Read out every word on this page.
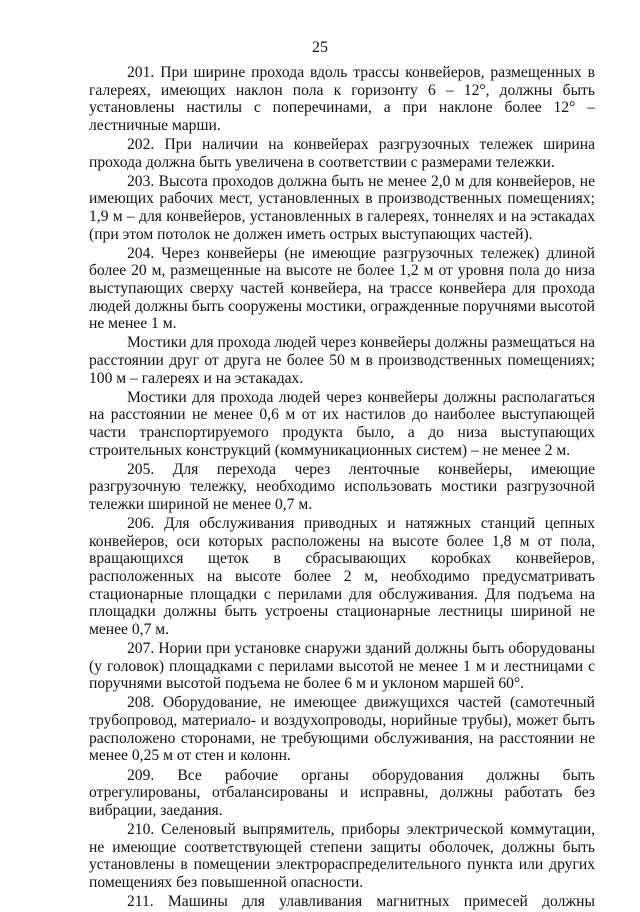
25

201. При ширине прохода вдоль трассы конвейеров, размещенных в галереях, имеющих наклон пола к горизонту 6 – 12°, должны быть установлены настилы с поперечинами, а при наклоне более 12° – лестничные марши.

202. При наличии на конвейерах разгрузочных тележек ширина прохода должна быть увеличена в соответствии с размерами тележки.

203. Высота проходов должна быть не менее 2,0 м для конвейеров, не имеющих рабочих мест, установленных в производственных помещениях; 1,9 м – для конвейеров, установленных в галереях, тоннелях и на эстакадах (при этом потолок не должен иметь острых выступающих частей).

204. Через конвейеры (не имеющие разгрузочных тележек) длиной более 20 м, размещенные на высоте не более 1,2 м от уровня пола до низа выступающих сверху частей конвейера, на трассе конвейера для прохода людей должны быть сооружены мостики, огражденные поручнями высотой не менее 1 м.

Мостики для прохода людей через конвейеры должны размещаться на расстоянии друг от друга не более 50 м в производственных помещениях; 100 м – галереях и на эстакадах.

Мостики для прохода людей через конвейеры должны располагаться на расстоянии не менее 0,6 м от их настилов до наиболее выступающей части транспортируемого продукта было, а до низа выступающих строительных конструкций (коммуникационных систем) – не менее 2 м.

205. Для перехода через ленточные конвейеры, имеющие разгрузочную тележку, необходимо использовать мостики разгрузочной тележки шириной не менее 0,7 м.

206. Для обслуживания приводных и натяжных станций цепных конвейеров, оси которых расположены на высоте более 1,8 м от пола, вращающихся щеток в сбрасывающих коробках конвейеров, расположенных на высоте более 2 м, необходимо предусматривать стационарные площадки с перилами для обслуживания. Для подъема на площадки должны быть устроены стационарные лестницы шириной не менее 0,7 м.

207. Нории при установке снаружи зданий должны быть оборудованы (у головок) площадками с перилами высотой не менее 1 м и лестницами с поручнями высотой подъема не более 6 м и уклоном маршей 60°.

208. Оборудование, не имеющее движущихся частей (самотечный трубопровод, материало- и воздухопроводы, норийные трубы), может быть расположено сторонами, не требующими обслуживания, на расстоянии не менее 0,25 м от стен и колонн.

209. Все рабочие органы оборудования должны быть отрегулированы, отбалансированы и исправны, должны работать без вибрации, заедания.

210. Селеновый выпрямитель, приборы электрической коммутации, не имеющие соответствующей степени защиты оболочек, должны быть установлены в помещении электрораспределительного пункта или других помещениях без повышенной опасности.

211. Машины для улавливания магнитных примесей должны
